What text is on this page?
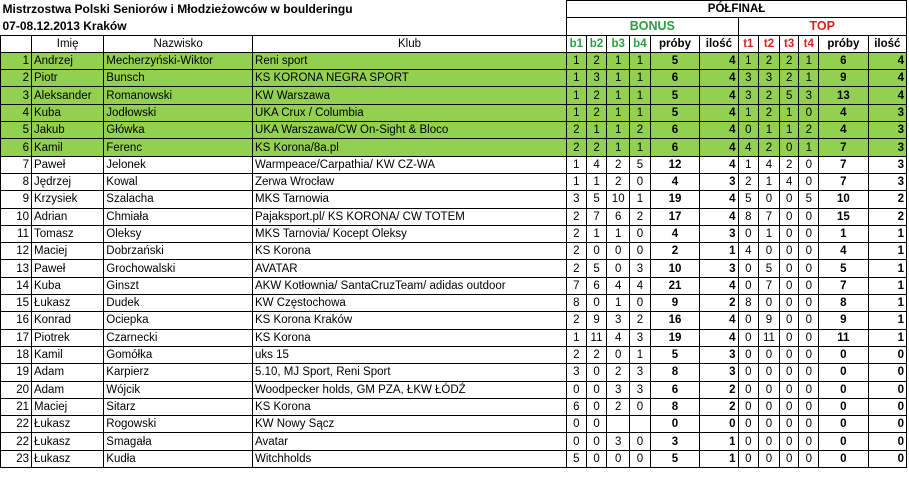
Mistrzostwa Polski Seniorów i Młodzieżowców w boulderingu				PÓŁFINAŁ											
07-08.12.2013 Kraków				BONUS						TOP					
	Imię	Nazwisko	Klub	b1	b2	b3	b4	próby	ilość	t1	t2	t3	t4	próby	ilość
1	Andrzej	Mecherzyński-Wiktor	Reni sport	1	2	1	1	5	4	1	2	2	1	6	4
2	Piotr	Bunsch	KS KORONA NEGRA SPORT	1	3	1	1	6	4	3	3	2	1	9	4
3	Aleksander	Romanowski	KW Warszawa	1	2	1	1	5	4	3	2	5	3	13	4
4	Kuba	Jodłowski	UKA Crux / Columbia	1	2	1	1	5	4	1	2	1	0	4	3
5	Jakub	Główka	UKA Warszawa/CW On-Sight & Bloco	2	1	1	2	6	4	0	1	1	2	4	3
6	Kamil	Ferenc	KS Korona/8a.pl	2	2	1	1	6	4	4	2	0	1	7	3
7	Paweł	Jelonek	Warmpeace/Carpathia/ KW CZ-WA	1	4	2	5	12	4	1	4	2	0	7	3
8	Jędrzej	Kowal	Zerwa Wrocław	1	1	2	0	4	3	2	1	4	0	7	3
9	Krzysiek	Szalacha	MKS Tarnowia	3	5	10	1	19	4	5	0	0	5	10	2
10	Adrian	Chmiała	Pajaksport.pl/ KS KORONA/ CW TOTEM	2	7	6	2	17	4	8	7	0	0	15	2
11	Tomasz	Oleksy	MKS Tarnovia/ Kocept Oleksy	2	1	1	0	4	3	0	1	0	0	1	1
12	Maciej	Dobrzański	KS Korona	2	0	0	0	2	1	4	0	0	0	4	1
13	Paweł	Grochowalski	AVATAR	2	5	0	3	10	3	0	5	0	0	5	1
14	Kuba	Ginszt	AKW Kotłownia/ SantaCruzTeam/ adidas outdoor	7	6	4	4	21	4	0	7	0	0	7	1
15	Łukasz	Dudek	KW Częstochowa	8	0	1	0	9	2	8	0	0	0	8	1
16	Konrad	Ociepka	KS Korona Kraków	2	9	3	2	16	4	0	9	0	0	9	1
17	Piotrek	Czarnecki	KS Korona	1	11	4	3	19	4	0	11	0	0	11	1
18	Kamil	Gomółka	uks 15	2	2	0	1	5	3	0	0	0	0	0	0
19	Adam	Karpierz	5.10, MJ Sport, Reni Sport	3	0	2	3	8	3	0	0	0	0	0	0
20	Adam	Wójcik	Woodpecker holds, GM PZA, ŁKW ŁÓDŹ	0	0	3	3	6	2	0	0	0	0	0	0
21	Maciej	Sitarz	KS Korona	6	0	2	0	8	2	0	0	0	0	0	0
22	Łukasz	Rogowski	KW Nowy Sącz	0	0			0	0	0	0	0	0	0	0
22	Łukasz	Smagała	Avatar	0	0	3	0	3	1	0	0	0	0	0	0
23	Łukasz	Kudła	Witchholds	5	0	0	0	5	1	0	0	0	0	0	0
